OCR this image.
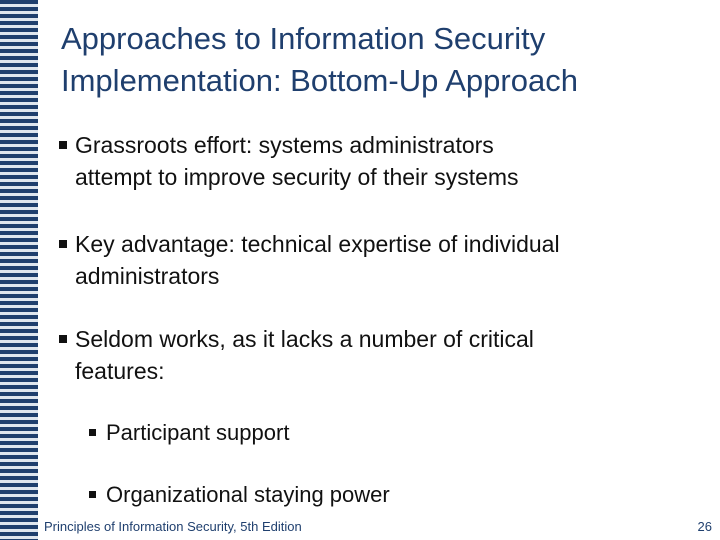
Approaches to Information Security
Implementation: Bottom-Up Approach
Grassroots effort: systems administrators
attempt to improve security of their systems
Key advantage: technical expertise of individual
administrators
Seldom works, as it lacks a number of critical
features:
Participant support
Organizational staying power
Principles of Information Security, 5th Edition	26
